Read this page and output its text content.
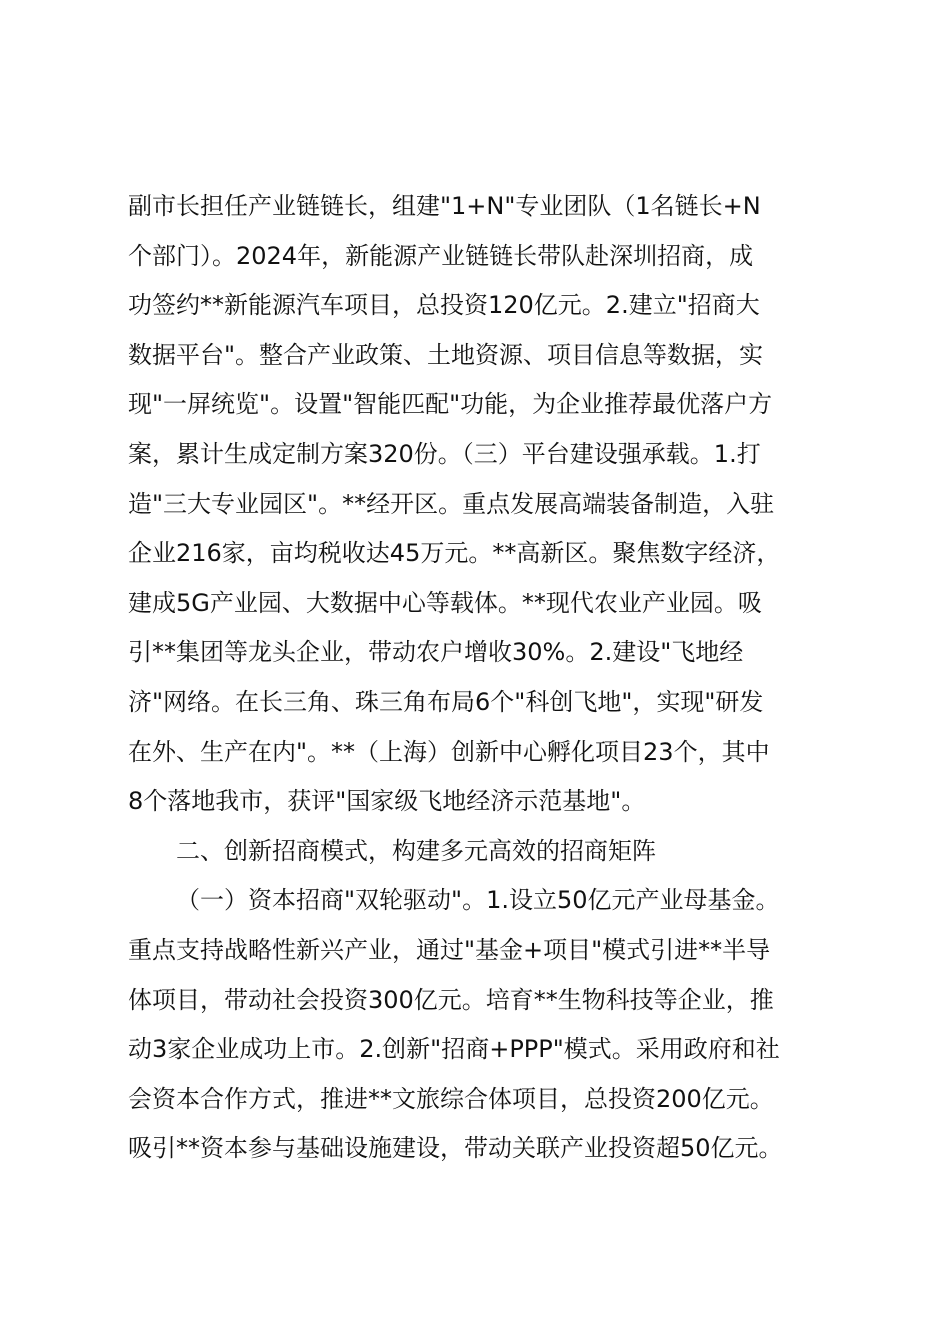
副市长担任产业链链长，组建"1+N"专业团队（1名链长+N
个部门）。2024年，新能源产业链链长带队赴深圳招商，成
功签约**新能源汽车项目，总投资120亿元。2.建立"招商大
数据平台"。整合产业政策、土地资源、项目信息等数据，实
现"一屏统览"。设置"智能匹配"功能，为企业推荐最优落户方
案，累计生成定制方案320份。（三）平台建设强承载。1.打
造"三大专业园区"。**经开区。重点发展高端装备制造，入驻
企业216家，亩均税收达45万元。**高新区。聚焦数字经济，
建成5G产业园、大数据中心等载体。**现代农业产业园。吸
引**集团等龙头企业，带动农户增收30%。2.建设"飞地经
济"网络。在长三角、珠三角布局6个"科创飞地"，实现"研发
在外、生产在内"。**（上海）创新中心孵化项目23个，其中
8个落地我市，获评"国家级飞地经济示范基地"。
二、创新招商模式，构建多元高效的招商矩阵
（一）资本招商"双轮驱动"。1.设立50亿元产业母基金。
重点支持战略性新兴产业，通过"基金+项目"模式引进**半导
体项目，带动社会投资300亿元。培育**生物科技等企业，推
动3家企业成功上市。2.创新"招商+PPP"模式。采用政府和社
会资本合作方式，推进**文旅综合体项目，总投资200亿元。
吸引**资本参与基础设施建设，带动关联产业投资超50亿元。
